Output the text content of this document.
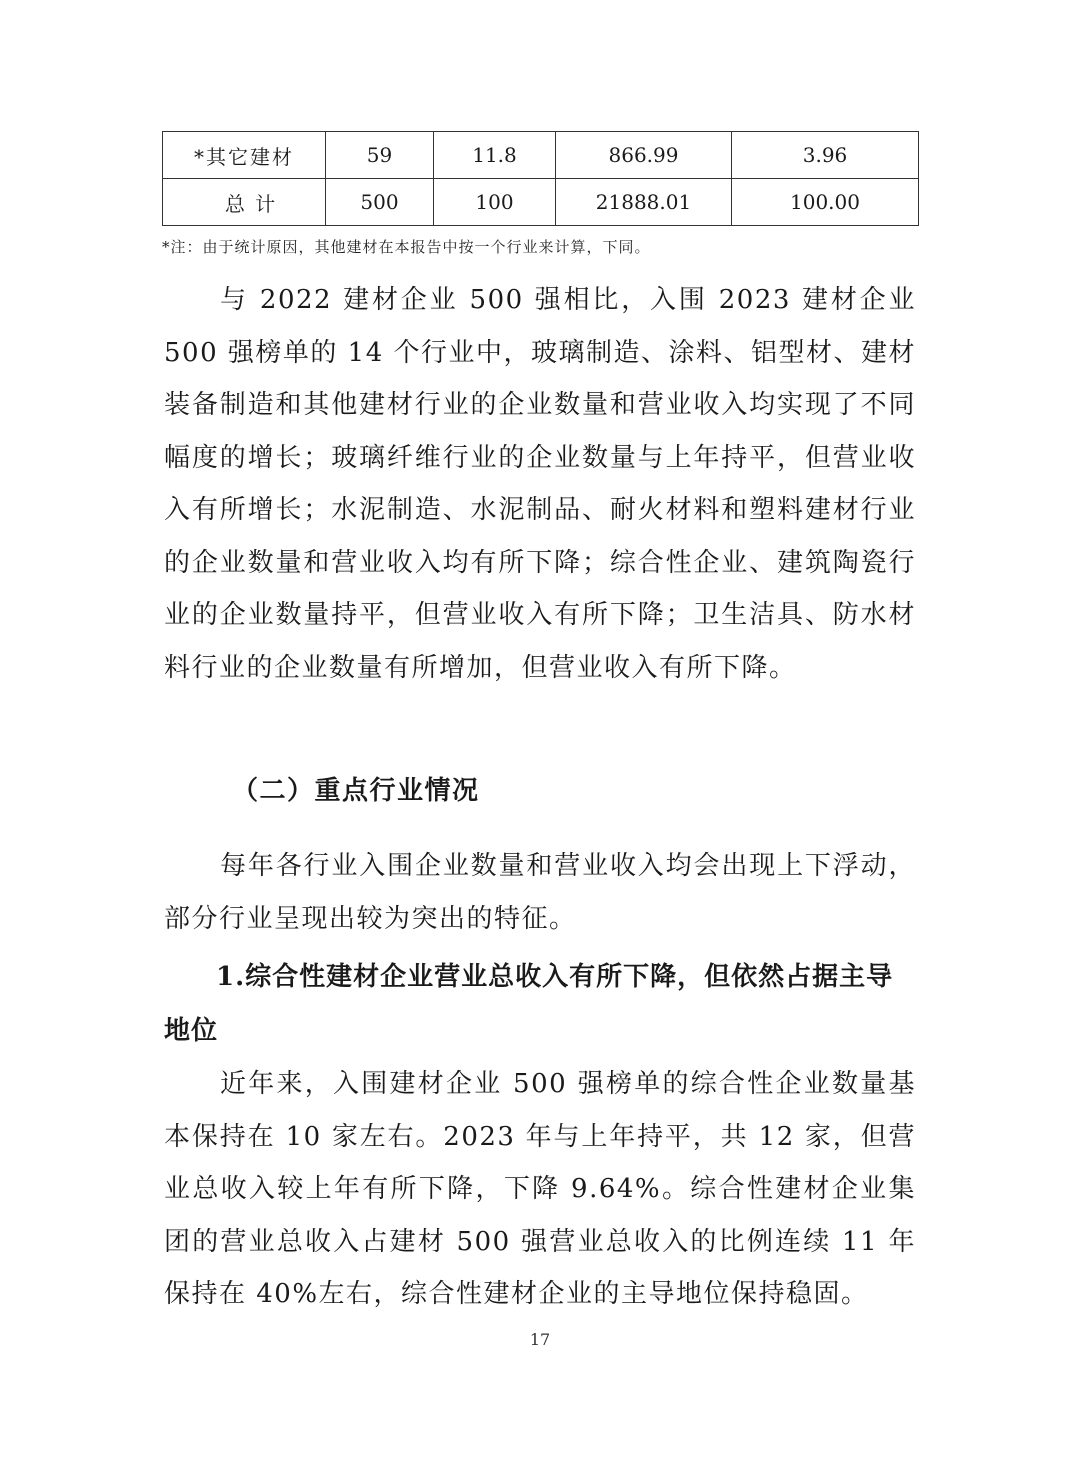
*其它建材	59	11.8	866.99	3.96
总 计	500	100	21888.01	100.00
*注：由于统计原因，其他建材在本报告中按一个行业来计算，下同。

与 2022 建材企业 500 强相比，入围 2023 建材企业 500 强榜单的 14 个行业中，玻璃制造、涂料、铝型材、建材装备制造和其他建材行业的企业数量和营业收入均实现了不同幅度的增长；玻璃纤维行业的企业数量与上年持平，但营业收入有所增长；水泥制造、水泥制品、耐火材料和塑料建材行业的企业数量和营业收入均有所下降；综合性企业、建筑陶瓷行业的企业数量持平，但营业收入有所下降；卫生洁具、防水材料行业的企业数量有所增加，但营业收入有所下降。

（二）重点行业情况

每年各行业入围企业数量和营业收入均会出现上下浮动，部分行业呈现出较为突出的特征。

1.综合性建材企业营业总收入有所下降，但依然占据主导地位

近年来，入围建材企业 500 强榜单的综合性企业数量基本保持在 10 家左右。2023 年与上年持平，共 12 家，但营业总收入较上年有所下降，下降 9.64%。综合性建材企业集团的营业总收入占建材 500 强营业总收入的比例连续 11 年保持在 40%左右，综合性建材企业的主导地位保持稳固。

17
